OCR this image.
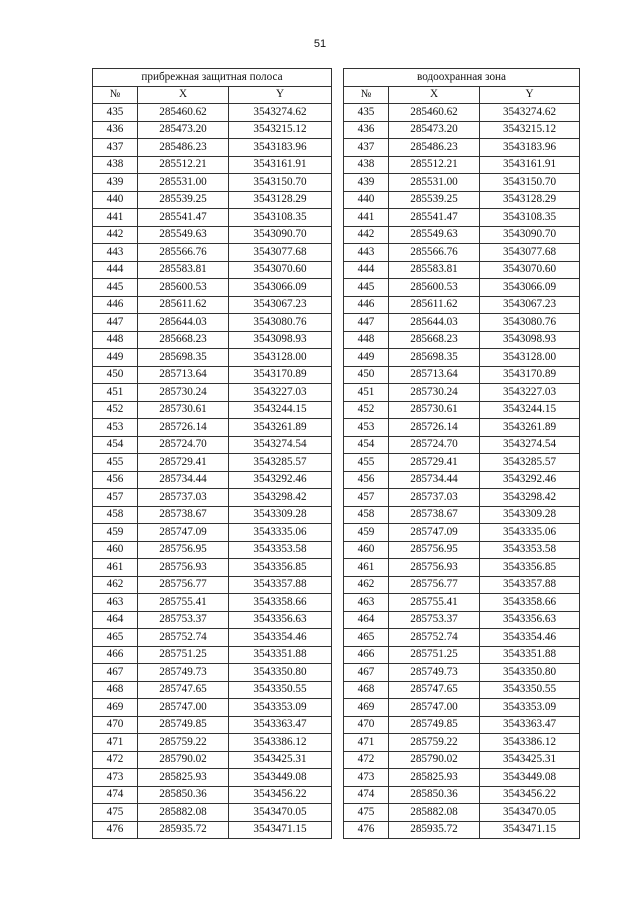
51
прибрежная защитная полоса		
№	X	Y
435	285460.62	3543274.62
436	285473.20	3543215.12
437	285486.23	3543183.96
438	285512.21	3543161.91
439	285531.00	3543150.70
440	285539.25	3543128.29
441	285541.47	3543108.35
442	285549.63	3543090.70
443	285566.76	3543077.68
444	285583.81	3543070.60
445	285600.53	3543066.09
446	285611.62	3543067.23
447	285644.03	3543080.76
448	285668.23	3543098.93
449	285698.35	3543128.00
450	285713.64	3543170.89
451	285730.24	3543227.03
452	285730.61	3543244.15
453	285726.14	3543261.89
454	285724.70	3543274.54
455	285729.41	3543285.57
456	285734.44	3543292.46
457	285737.03	3543298.42
458	285738.67	3543309.28
459	285747.09	3543335.06
460	285756.95	3543353.58
461	285756.93	3543356.85
462	285756.77	3543357.88
463	285755.41	3543358.66
464	285753.37	3543356.63
465	285752.74	3543354.46
466	285751.25	3543351.88
467	285749.73	3543350.80
468	285747.65	3543350.55
469	285747.00	3543353.09
470	285749.85	3543363.47
471	285759.22	3543386.12
472	285790.02	3543425.31
473	285825.93	3543449.08
474	285850.36	3543456.22
475	285882.08	3543470.05
476	285935.72	3543471.15
водоохранная зона		
№	X	Y
435	285460.62	3543274.62
436	285473.20	3543215.12
437	285486.23	3543183.96
438	285512.21	3543161.91
439	285531.00	3543150.70
440	285539.25	3543128.29
441	285541.47	3543108.35
442	285549.63	3543090.70
443	285566.76	3543077.68
444	285583.81	3543070.60
445	285600.53	3543066.09
446	285611.62	3543067.23
447	285644.03	3543080.76
448	285668.23	3543098.93
449	285698.35	3543128.00
450	285713.64	3543170.89
451	285730.24	3543227.03
452	285730.61	3543244.15
453	285726.14	3543261.89
454	285724.70	3543274.54
455	285729.41	3543285.57
456	285734.44	3543292.46
457	285737.03	3543298.42
458	285738.67	3543309.28
459	285747.09	3543335.06
460	285756.95	3543353.58
461	285756.93	3543356.85
462	285756.77	3543357.88
463	285755.41	3543358.66
464	285753.37	3543356.63
465	285752.74	3543354.46
466	285751.25	3543351.88
467	285749.73	3543350.80
468	285747.65	3543350.55
469	285747.00	3543353.09
470	285749.85	3543363.47
471	285759.22	3543386.12
472	285790.02	3543425.31
473	285825.93	3543449.08
474	285850.36	3543456.22
475	285882.08	3543470.05
476	285935.72	3543471.15
